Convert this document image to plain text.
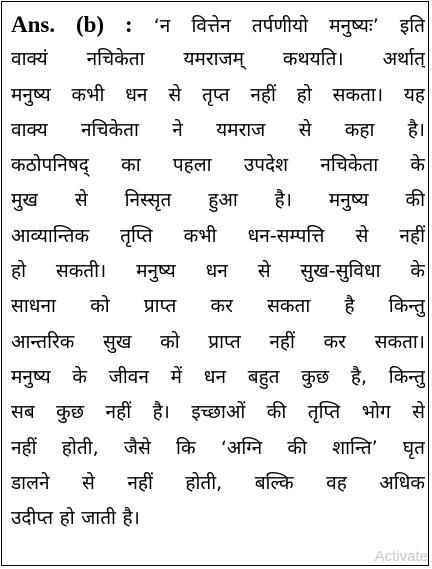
Ans. (b) : ‘न वित्तेन तर्पणीयो मनुष्यः’ इति
वाक्यं नचिकेता यमराजम् कथयति। अर्थात्
मनुष्य कभी धन से तृप्त नहीं हो सकता। यह
वाक्य नचिकेता ने यमराज से कहा है।
कठोपनिषद् का पहला उपदेश नचिकेता के
मुख से निस्सृत हुआ है। मनुष्य की
आव्यान्तिक तृप्ति कभी धन-सम्पत्ति से नहीं
हो सकती। मनुष्य धन से सुख-सुविधा के
साधना को प्राप्त कर सकता है किन्तु
आन्तरिक सुख को प्राप्त नहीं कर सकता।
मनुष्य के जीवन में धन बहुत कुछ है, किन्तु
सब कुछ नहीं है। इच्छाओं की तृप्ति भोग से
नहीं होती, जैसे कि ‘अग्नि की शान्ति’ घृत
डालने से नहीं होती, बल्कि वह अधिक
उदीप्त हो जाती है।
Activate
